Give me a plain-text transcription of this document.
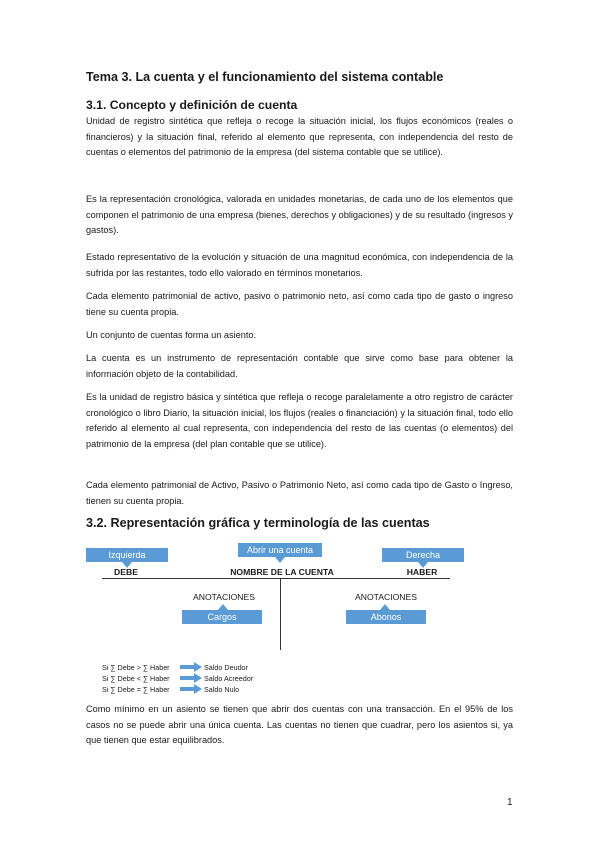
Tema 3. La cuenta y el funcionamiento del sistema contable
3.1. Concepto y definición de cuenta

Unidad de registro sintética que refleja o recoge la situación inicial, los flujos económicos (reales o financieros) y la situación final, referido al elemento que representa, con independencia del resto de cuentas o elementos del patrimonio de la empresa (del sistema contable que se utilice).

Es la representación cronológica, valorada en unidades monetarias, de cada uno de los elementos que componen el patrimonio de una empresa (bienes, derechos y obligaciones) y de su resultado (ingresos y gastos).

Estado representativo de la evolución y situación de una magnitud económica, con independencia de la sufrida por las restantes, todo ello valorado en términos monetarios.

Cada elemento patrimonial de activo, pasivo o patrimonio neto, así como cada tipo de gasto o ingreso tiene su cuenta propia.

Un conjunto de cuentas forma un asiento.

La cuenta es un instrumento de representación contable que sirve como base para obtener la información objeto de la contabilidad.

Es la unidad de registro básica y sintética que refleja o recoge paralelamente a otro registro de carácter cronológico o libro Diario, la situación inicial, los flujos (reales o financiación) y la situación final, todo ello referido al elemento al cual representa, con independencia del resto de las cuentas (o elementos) del patrimonio de la empresa (del plan contable que se utilice).

Cada elemento patrimonial de Activo, Pasivo o Patrimonio Neto, así como cada tipo de Gasto o Ingreso, tienen su cuenta propia.

3.2. Representación gráfica y terminología de las cuentas
Izquierda	Abrir una cuenta	Derecha
DEBE	NOMBRE DE LA CUENTA	HABER
ANOTACIONES
Cargos
ANOTACIONES
Abonos
Si ∑ Debe > ∑ Haber	Saldo Deudor
Si ∑ Debe < ∑ Haber	Saldo Acreedor
Si ∑ Debe = ∑ Haber	Saldo Nulo

Como mínimo en un asiento se tienen que abrir dos cuentas con una transacción. En el 95% de los casos no se puede abrir una única cuenta. Las cuentas no tienen que cuadrar, pero los asientos si, ya que tienen que estar equilibrados.

1
